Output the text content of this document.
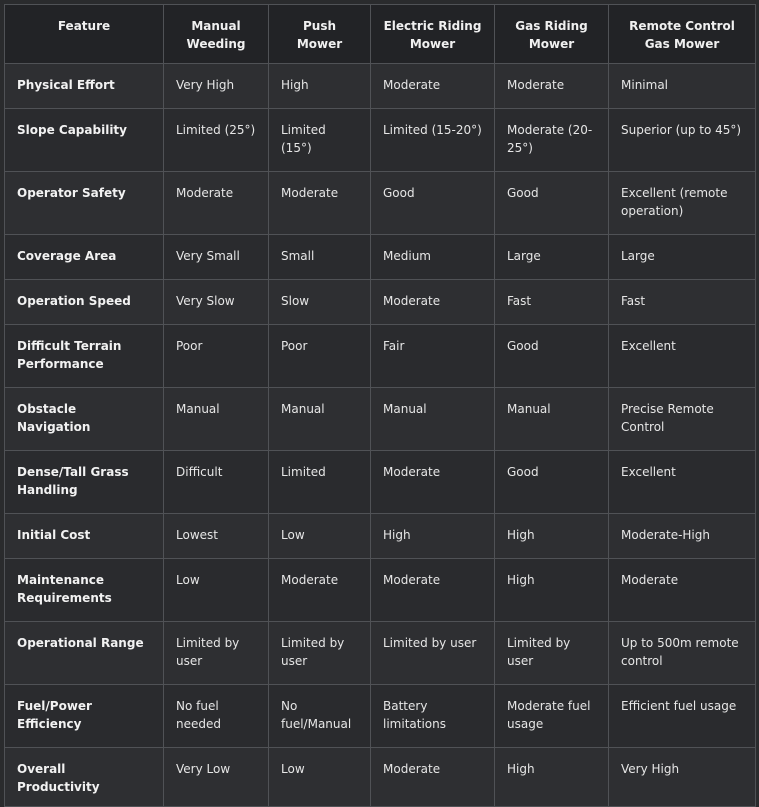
Feature	Manual Weeding	Push Mower	Electric Riding Mower	Gas Riding Mower	Remote Control Gas Mower
Physical Effort	Very High	High	Moderate	Moderate	Minimal
Slope Capability	Limited (25°)	Limited (15°)	Limited (15-20°)	Moderate (20-25°)	Superior (up to 45°)
Operator Safety	Moderate	Moderate	Good	Good	Excellent (remote operation)
Coverage Area	Very Small	Small	Medium	Large	Large
Operation Speed	Very Slow	Slow	Moderate	Fast	Fast
Difficult Terrain Performance	Poor	Poor	Fair	Good	Excellent
Obstacle Navigation	Manual	Manual	Manual	Manual	Precise Remote Control
Dense/Tall Grass Handling	Difficult	Limited	Moderate	Good	Excellent
Initial Cost	Lowest	Low	High	High	Moderate-High
Maintenance Requirements	Low	Moderate	Moderate	High	Moderate
Operational Range	Limited by user	Limited by user	Limited by user	Limited by user	Up to 500m remote control
Fuel/Power Efficiency	No fuel needed	No fuel/Manual	Battery limitations	Moderate fuel usage	Efficient fuel usage
Overall Productivity	Very Low	Low	Moderate	High	Very High
